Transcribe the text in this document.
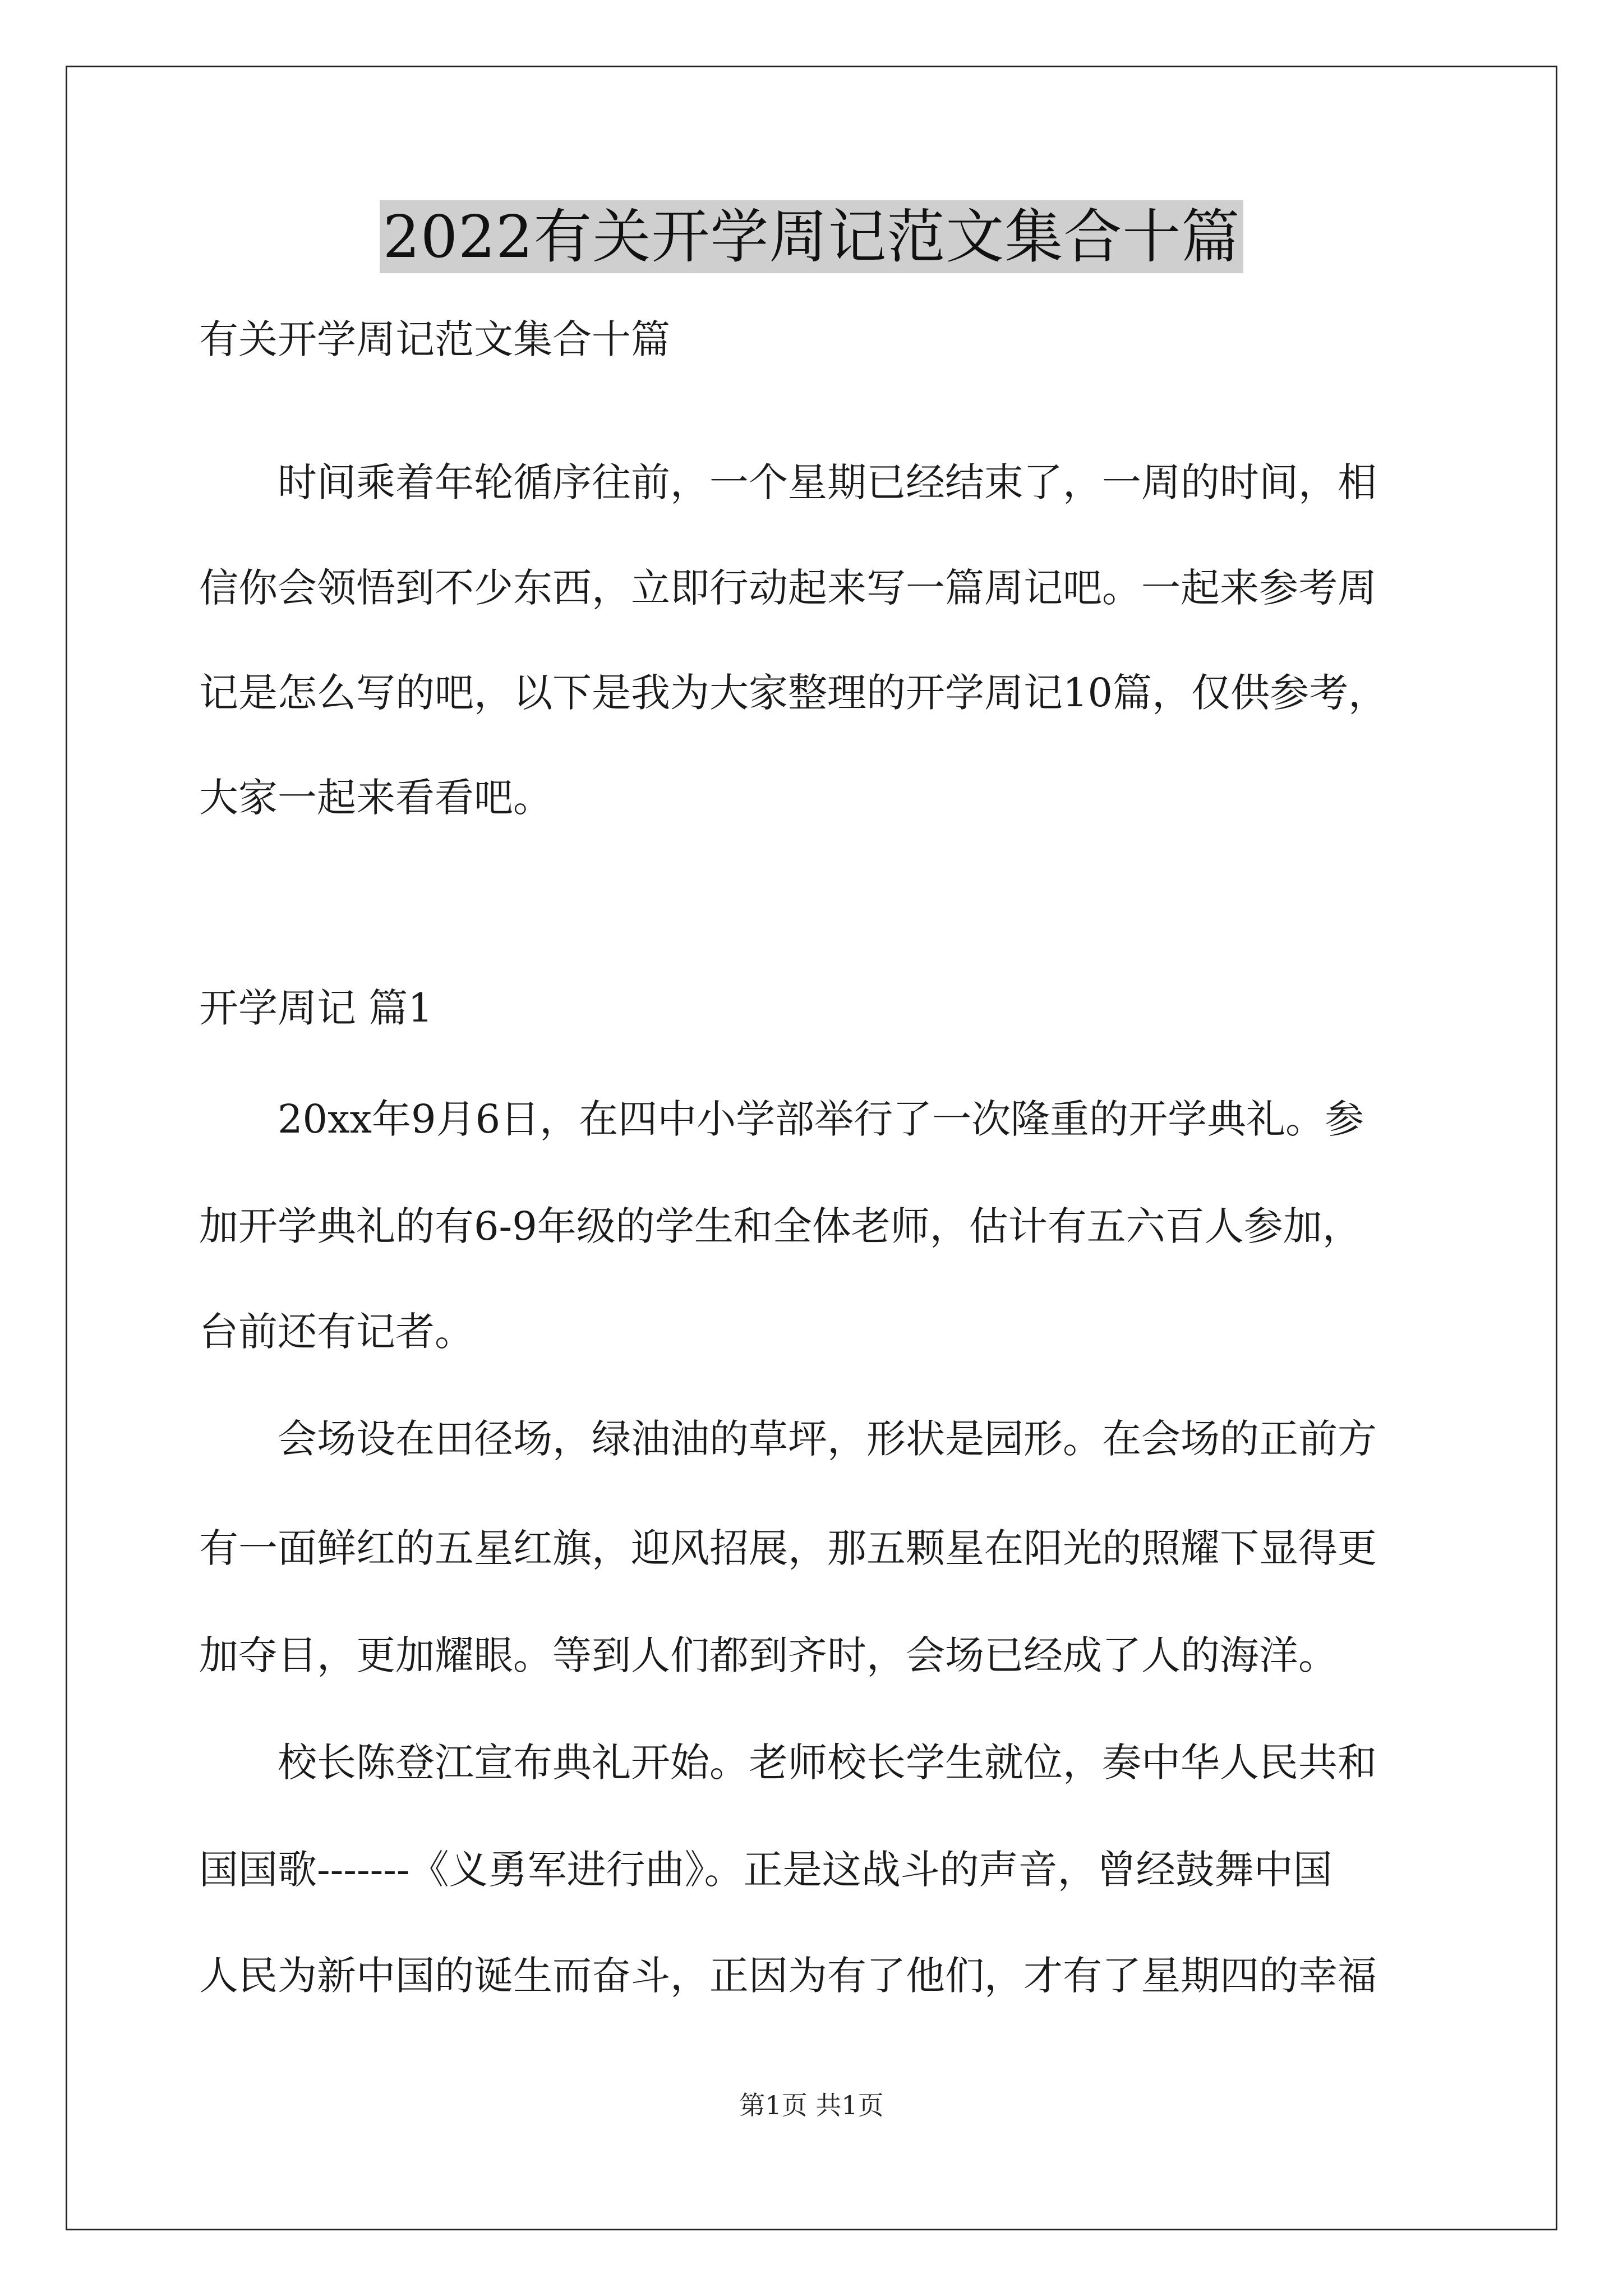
2022有关开学周记范文集合十篇
有关开学周记范文集合十篇
时间乘着年轮循序往前，一个星期已经结束了，一周的时间，相
信你会领悟到不少东西，立即行动起来写一篇周记吧。一起来参考周
记是怎么写的吧，以下是我为大家整理的开学周记10篇，仅供参考，
大家一起来看看吧。
开学周记 篇1
20xx年9月6日，在四中小学部举行了一次隆重的开学典礼。参
加开学典礼的有6-9年级的学生和全体老师，估计有五六百人参加，
台前还有记者。
会场设在田径场，绿油油的草坪，形状是园形。在会场的正前方
有一面鲜红的五星红旗，迎风招展，那五颗星在阳光的照耀下显得更
加夺目，更加耀眼。等到人们都到齐时，会场已经成了人的海洋。
校长陈登江宣布典礼开始。老师校长学生就位，奏中华人民共和
国国歌-------《义勇军进行曲》。正是这战斗的声音，曾经鼓舞中国
人民为新中国的诞生而奋斗，正因为有了他们，才有了星期四的幸福
第1页 共1页
